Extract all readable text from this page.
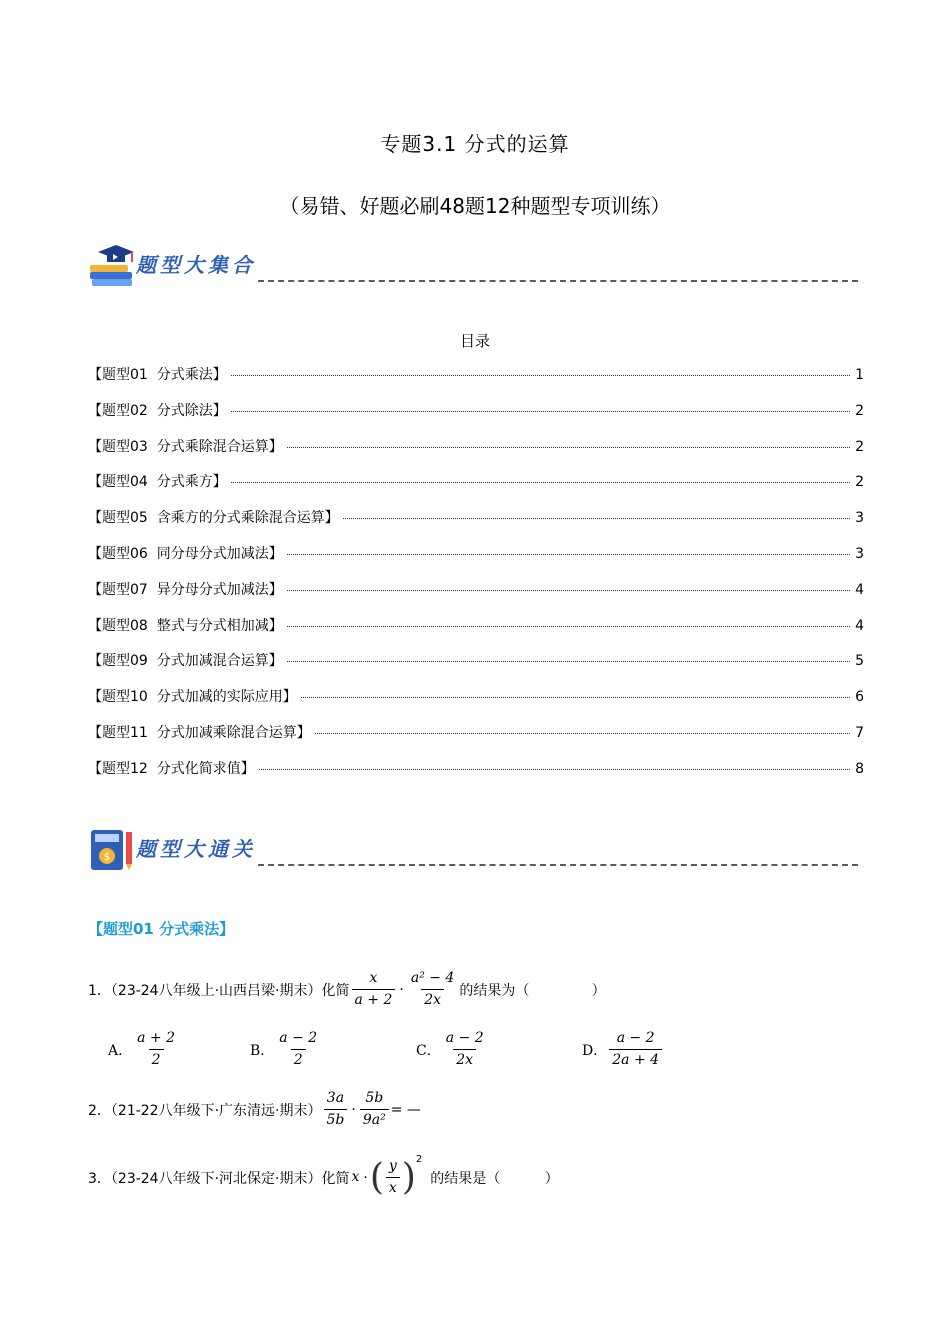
专题3.1 分式的运算
（易错、好题必刷48题12种题型专项训练）
题型大集合
目录
【题型01  分式乘法】	1
【题型02  分式除法】	2
【题型03  分式乘除混合运算】	2
【题型04  分式乘方】	2
【题型05  含乘方的分式乘除混合运算】	3
【题型06  同分母分式加减法】	3
【题型07  异分母分式加减法】	4
【题型08  整式与分式相加减】	4
【题型09  分式加减混合运算】	5
【题型10  分式加减的实际应用】	6
【题型11  分式加减乘除混合运算】	7
【题型12  分式化简求值】	8
$ 题型大通关
【题型01 分式乘法】
1．（23-24八年级上·山西吕梁·期末）化简 $\frac{x}{a + 2} \cdot \frac{\text{a² − 4}}{2x}$ 的结果为（              ）
A． $\frac{a + 2}{2}$	B． $\frac{a - 2}{2}$	C． $\frac{a - 2}{2x}$	D． $\frac{a - 2}{2a + 4}$
2．（21-22八年级下·广东清远·期末） $\frac{3a}{5b} \cdot \frac{5b}{\text{9a²}}$ = —
3．（23-24八年级下·河北保定·期末）化简 x · ( $\frac{y}{x} )^2$
的结果是（          ）
